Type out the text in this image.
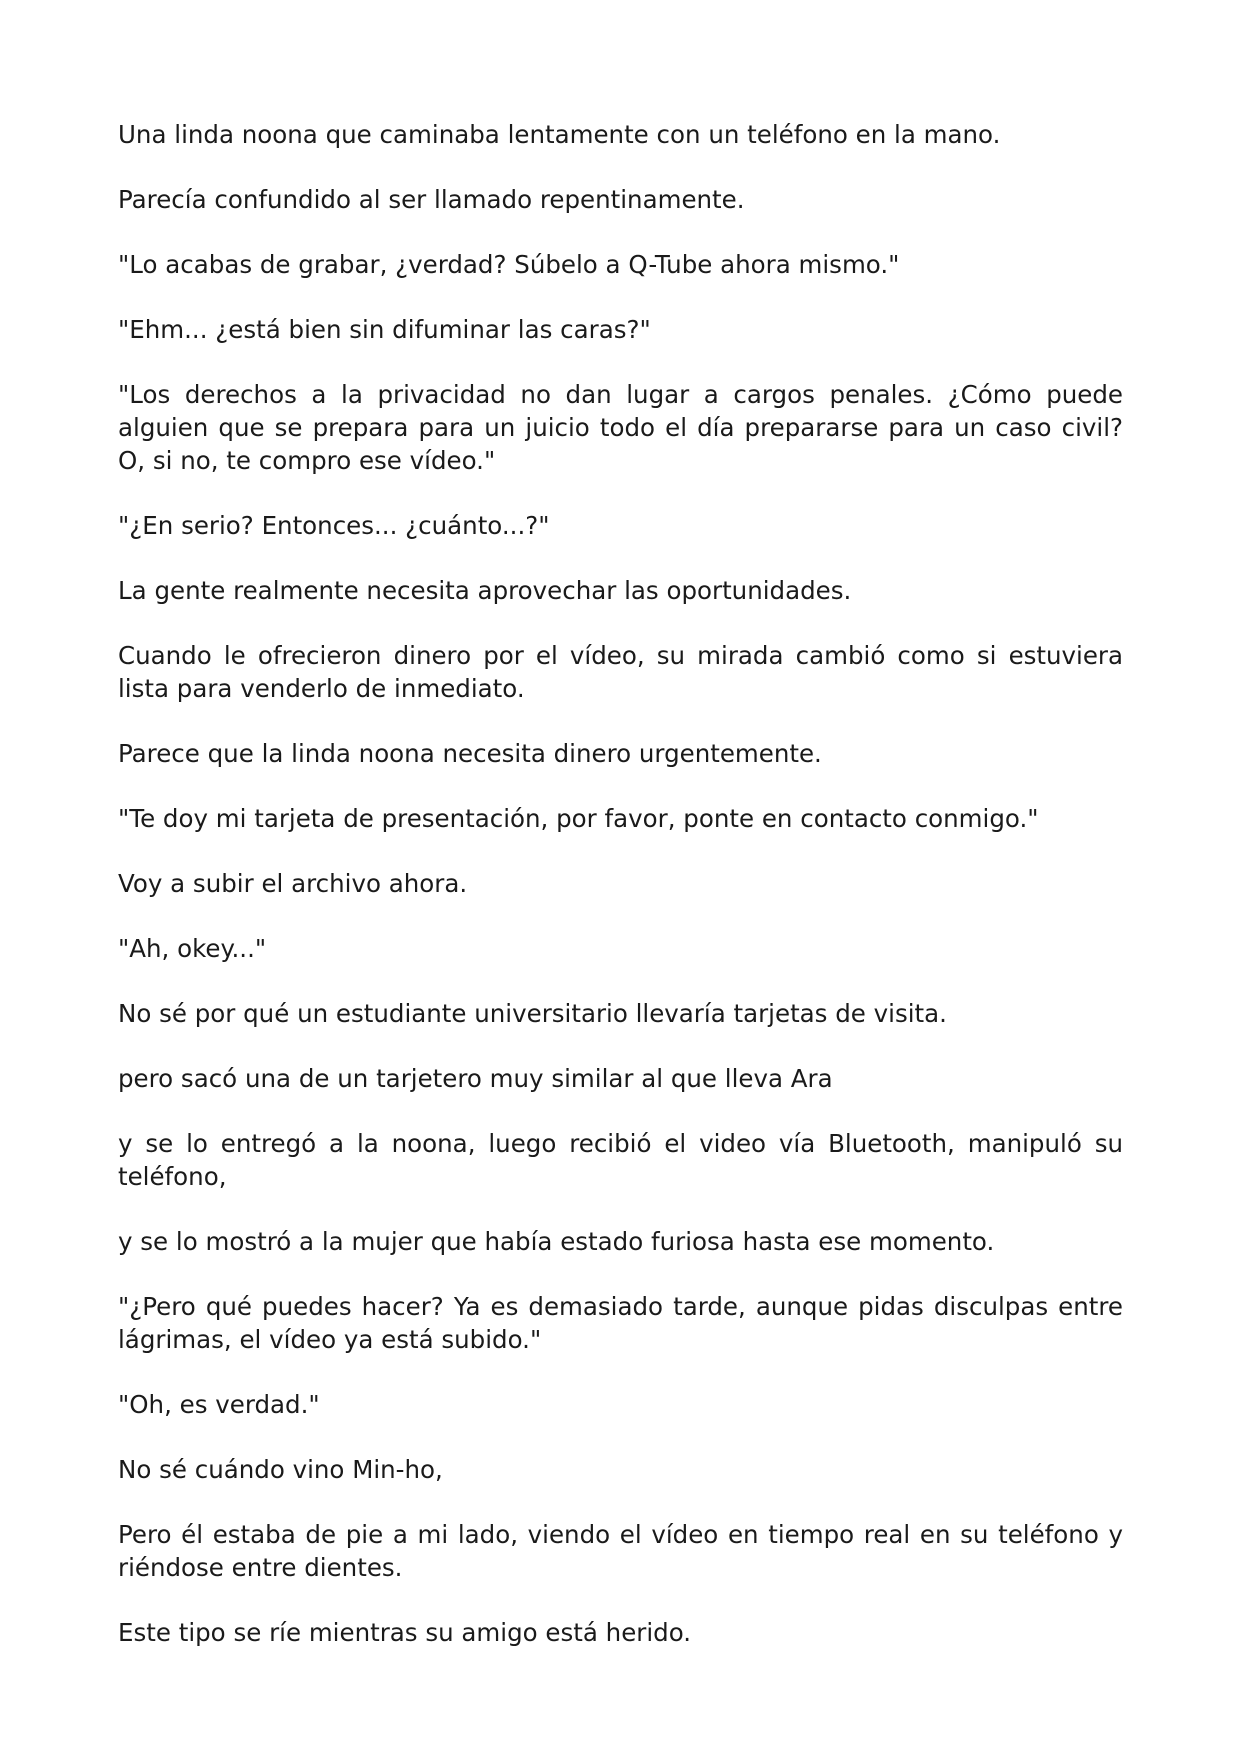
Una linda noona que caminaba lentamente con un teléfono en la mano.

Parecía confundido al ser llamado repentinamente.

"Lo acabas de grabar, ¿verdad? Súbelo a Q-Tube ahora mismo."

"Ehm... ¿está bien sin difuminar las caras?"

"Los derechos a la privacidad no dan lugar a cargos penales. ¿Cómo puede alguien que se prepara para un juicio todo el día prepararse para un caso civil? O, si no, te compro ese vídeo."

"¿En serio? Entonces... ¿cuánto...?"

La gente realmente necesita aprovechar las oportunidades.

Cuando le ofrecieron dinero por el vídeo, su mirada cambió como si estuviera lista para venderlo de inmediato.

Parece que la linda noona necesita dinero urgentemente.

"Te doy mi tarjeta de presentación, por favor, ponte en contacto conmigo."

Voy a subir el archivo ahora.

"Ah, okey..."

No sé por qué un estudiante universitario llevaría tarjetas de visita.

pero sacó una de un tarjetero muy similar al que lleva Ara

y se lo entregó a la noona, luego recibió el video vía Bluetooth, manipuló su teléfono,

y se lo mostró a la mujer que había estado furiosa hasta ese momento.

"¿Pero qué puedes hacer? Ya es demasiado tarde, aunque pidas disculpas entre lágrimas, el vídeo ya está subido."

"Oh, es verdad."

No sé cuándo vino Min-ho,

Pero él estaba de pie a mi lado, viendo el vídeo en tiempo real en su teléfono y riéndose entre dientes.

Este tipo se ríe mientras su amigo está herido.
